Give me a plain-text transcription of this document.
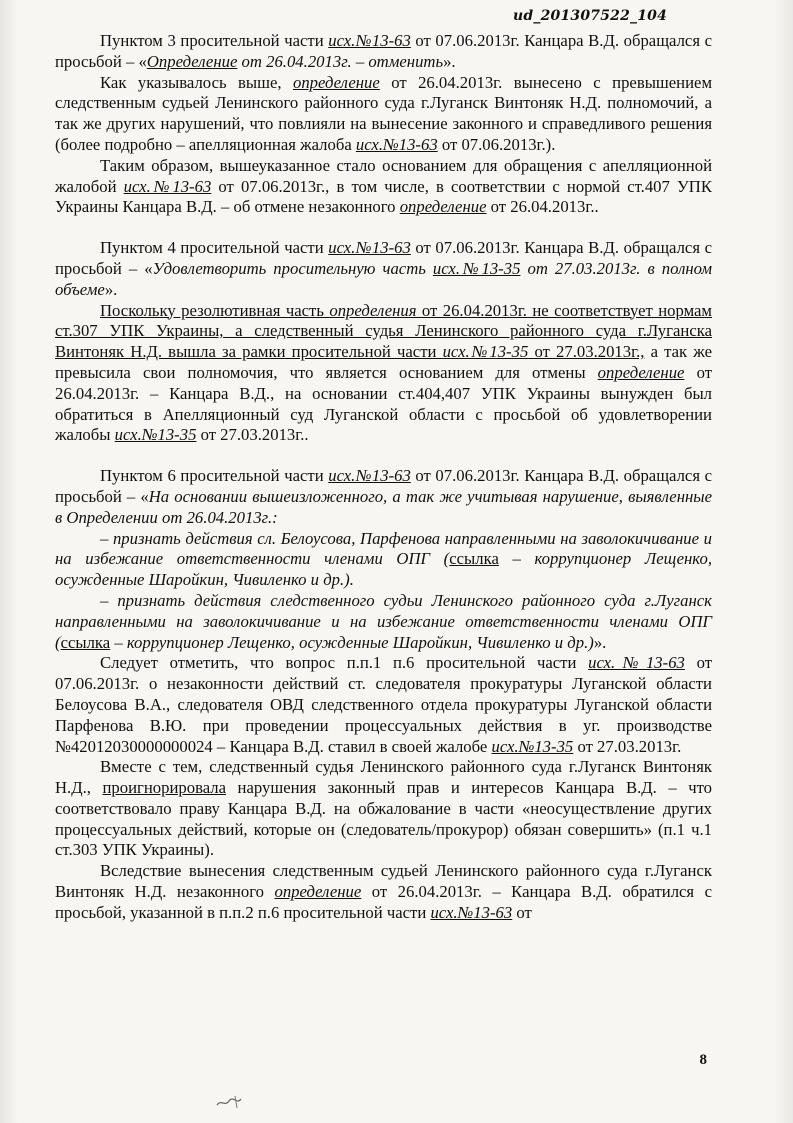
ud_201307522_104

Пунктом 3 просительной части исх.№13-63 от 07.06.2013г. Канцара В.Д. обращался с просьбой – «Определение от 26.04.2013г. – отменить».

Как указывалось выше, определение от 26.04.2013г. вынесено с превышением следственным судьей Ленинского районного суда г.Луганск Винтоняк Н.Д. полномочий, а так же других нарушений, что повлияли на вынесение законного и справедливого решения (более подробно – апелляционная жалоба исх.№13-63 от 07.06.2013г.).

Таким образом, вышеуказанное стало основанием для обращения с апелляционной жалобой исх.№13-63 от 07.06.2013г., в том числе, в соответствии с нормой ст.407 УПК Украины Канцара В.Д. – об отмене незаконного определение от 26.04.2013г..

Пунктом 4 просительной части исх.№13-63 от 07.06.2013г. Канцара В.Д. обращался с просьбой – «Удовлетворить просительную часть исх.№13-35 от 27.03.2013г. в полном объеме».

Поскольку резолютивная часть определения от 26.04.2013г. не соответствует нормам ст.307 УПК Украины, а следственный судья Ленинского районного суда г.Луганска Винтоняк Н.Д. вышла за рамки просительной части исх.№13-35 от 27.03.2013г., а так же превысила свои полномочия, что является основанием для отмены определение от 26.04.2013г. – Канцара В.Д., на основании ст.404,407 УПК Украины вынужден был обратиться в Апелляционный суд Луганской области с просьбой об удовлетворении жалобы исх.№13-35 от 27.03.2013г..

Пунктом 6 просительной части исх.№13-63 от 07.06.2013г. Канцара В.Д. обращался с просьбой – «На основании вышеизложенного, а так же учитывая нарушение, выявленные в Определении от 26.04.2013г.:

– признать действия сл. Белоусова, Парфенова направленными на заволокичивание и на избежание ответственности членами ОПГ (ссылка – коррупционер Лещенко, осужденные Шаройкин, Чивиленко и др.).

– признать действия следственного судьи Ленинского районного суда г.Луганск направленными на заволокичивание и на избежание ответственности членами ОПГ (ссылка – коррупционер Лещенко, осужденные Шаройкин, Чивиленко и др.)».

Следует отметить, что вопрос п.п.1 п.6 просительной части исх.№13-63 от 07.06.2013г. о незаконности действий ст. следователя прокуратуры Луганской области Белоусова В.А., следователя ОВД следственного отдела прокуратуры Луганской области Парфенова В.Ю. при проведении процессуальных действия в уг. производстве №42012030000000024 – Канцара В.Д. ставил в своей жалобе исх.№13-35 от 27.03.2013г.

Вместе с тем, следственный судья Ленинского районного суда г.Луганск Винтоняк Н.Д., проигнорировала нарушения законный прав и интересов Канцара В.Д. – что соответствовало праву Канцара В.Д. на обжалование в части «неосуществление других процессуальных действий, которые он (следователь/прокурор) обязан совершить» (п.1 ч.1 ст.303 УПК Украины).

Вследствие вынесения следственным судьей Ленинского районного суда г.Луганск Винтоняк Н.Д. незаконного определение от 26.04.2013г. – Канцара В.Д. обратился с просьбой, указанной в п.п.2 п.6 просительной части исх.№13-63 от

8
